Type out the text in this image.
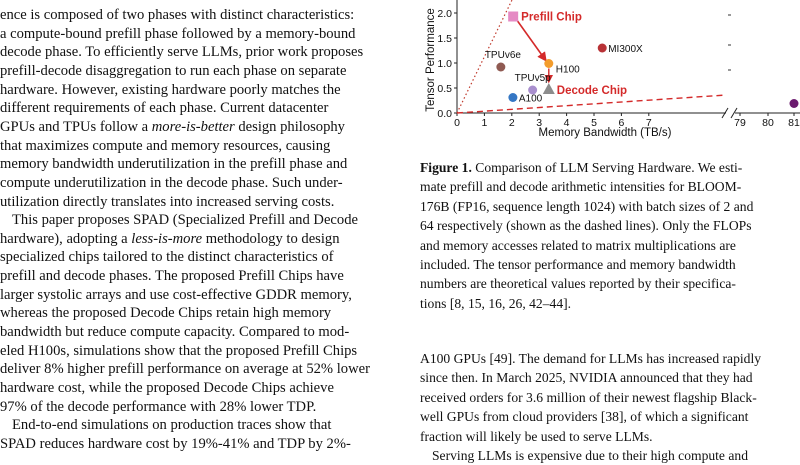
ence is composed of two phases with distinct characteristics:
a compute-bound prefill phase followed by a memory-bound
decode phase. To efficiently serve LLMs, prior work proposes
prefill-decode disaggregation to run each phase on separate
hardware. However, existing hardware poorly matches the
different requirements of each phase. Current datacenter
GPUs and TPUs follow a more-is-better design philosophy
that maximizes compute and memory resources, causing
memory bandwidth underutilization in the prefill phase and
compute underutilization in the decode phase. Such under-
utilization directly translates into increased serving costs.
This paper proposes SPAD (Specialized Prefill and Decode
hardware), adopting a less-is-more methodology to design
specialized chips tailored to the distinct characteristics of
prefill and decode phases. The proposed Prefill Chips have
larger systolic arrays and use cost-effective GDDR memory,
whereas the proposed Decode Chips retain high memory
bandwidth but reduce compute capacity. Compared to mod-
eled H100s, simulations show that the proposed Prefill Chips
deliver 8% higher prefill performance on average at 52% lower
hardware cost, while the proposed Decode Chips achieve
97% of the decode performance with 28% lower TDP.
End-to-end simulations on production traces show that
SPAD reduces hardware cost by 19%-41% and TDP by 2%-
0 1 2 3 4 5 6 7	79 80 81
0.0
0.5
1.0
1.5
2.0
Memory Bandwidth (TB/s)
Tensor Performance	Prefill Chip
MI300X
TPUv6e
H100
TPUv5p
Decode Chip
A100
Figure 1. Comparison of LLM Serving Hardware. We esti-
mate prefill and decode arithmetic intensities for BLOOM-
176B (FP16, sequence length 1024) with batch sizes of 2 and
64 respectively (shown as the dashed lines). Only the FLOPs
and memory accesses related to matrix multiplications are
included. The tensor performance and memory bandwidth
numbers are theoretical values reported by their specifica-
tions [8, 15, 16, 26, 42–44].
A100 GPUs [49]. The demand for LLMs has increased rapidly
since then. In March 2025, NVIDIA announced that they had
received orders for 3.6 million of their newest flagship Black-
well GPUs from cloud providers [38], of which a significant
fraction will likely be used to serve LLMs.
Serving LLMs is expensive due to their high compute and
